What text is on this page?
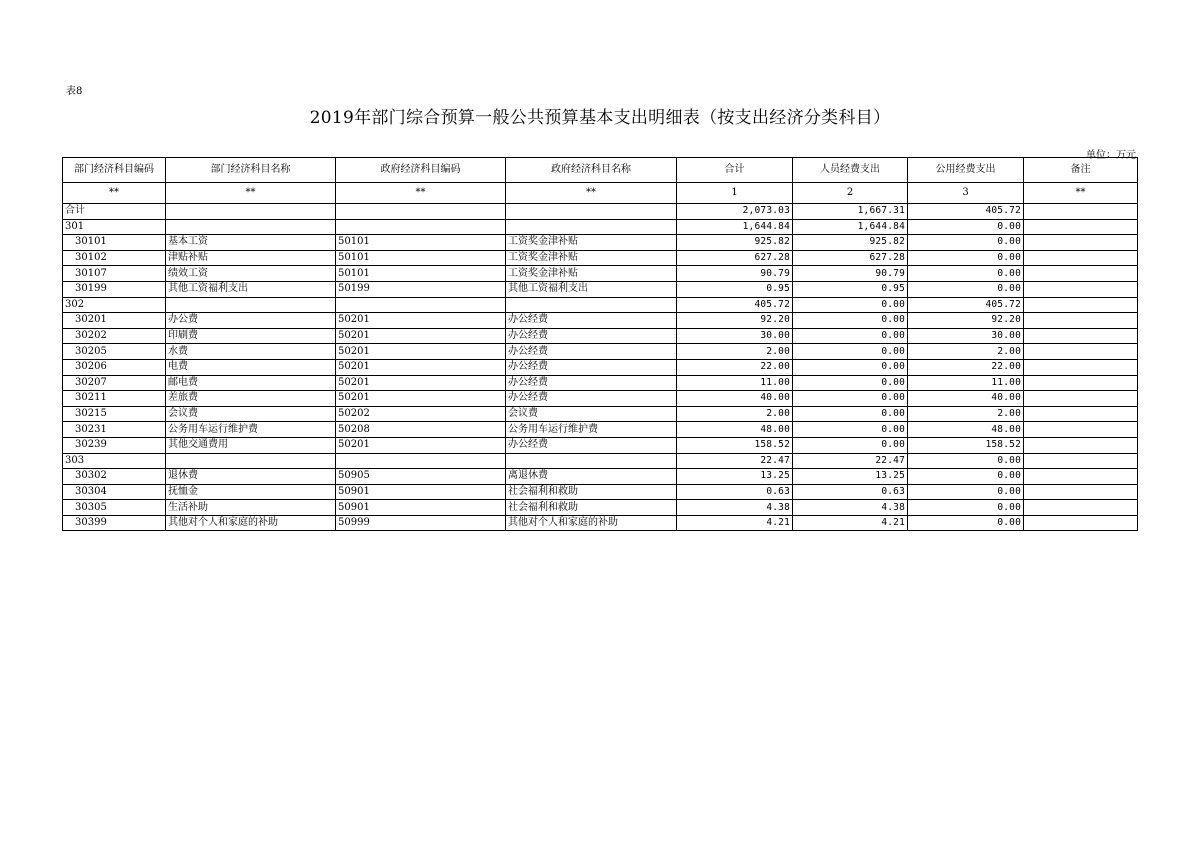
表8
2019年部门综合预算一般公共预算基本支出明细表（按支出经济分类科目）
单位：万元
部门经济科目编码	部门经济科目名称	政府经济科目编码	政府经济科目名称	合计	人员经费支出	公用经费支出	备注
**	**	**	**	1	2	3	**
合计				2,073.03	1,667.31	405.72	
301				1,644.84	1,644.84	0.00	
30101	基本工资	50101	工资奖金津补贴	925.82	925.82	0.00	
30102	津贴补贴	50101	工资奖金津补贴	627.28	627.28	0.00	
30107	绩效工资	50101	工资奖金津补贴	90.79	90.79	0.00	
30199	其他工资福利支出	50199	其他工资福利支出	0.95	0.95	0.00	
302				405.72	0.00	405.72	
30201	办公费	50201	办公经费	92.20	0.00	92.20	
30202	印刷费	50201	办公经费	30.00	0.00	30.00	
30205	水费	50201	办公经费	2.00	0.00	2.00	
30206	电费	50201	办公经费	22.00	0.00	22.00	
30207	邮电费	50201	办公经费	11.00	0.00	11.00	
30211	差旅费	50201	办公经费	40.00	0.00	40.00	
30215	会议费	50202	会议费	2.00	0.00	2.00	
30231	公务用车运行维护费	50208	公务用车运行维护费	48.00	0.00	48.00	
30239	其他交通费用	50201	办公经费	158.52	0.00	158.52	
303				22.47	22.47	0.00	
30302	退休费	50905	离退休费	13.25	13.25	0.00	
30304	抚恤金	50901	社会福利和救助	0.63	0.63	0.00	
30305	生活补助	50901	社会福利和救助	4.38	4.38	0.00	
30399	其他对个人和家庭的补助	50999	其他对个人和家庭的补助	4.21	4.21	0.00	
